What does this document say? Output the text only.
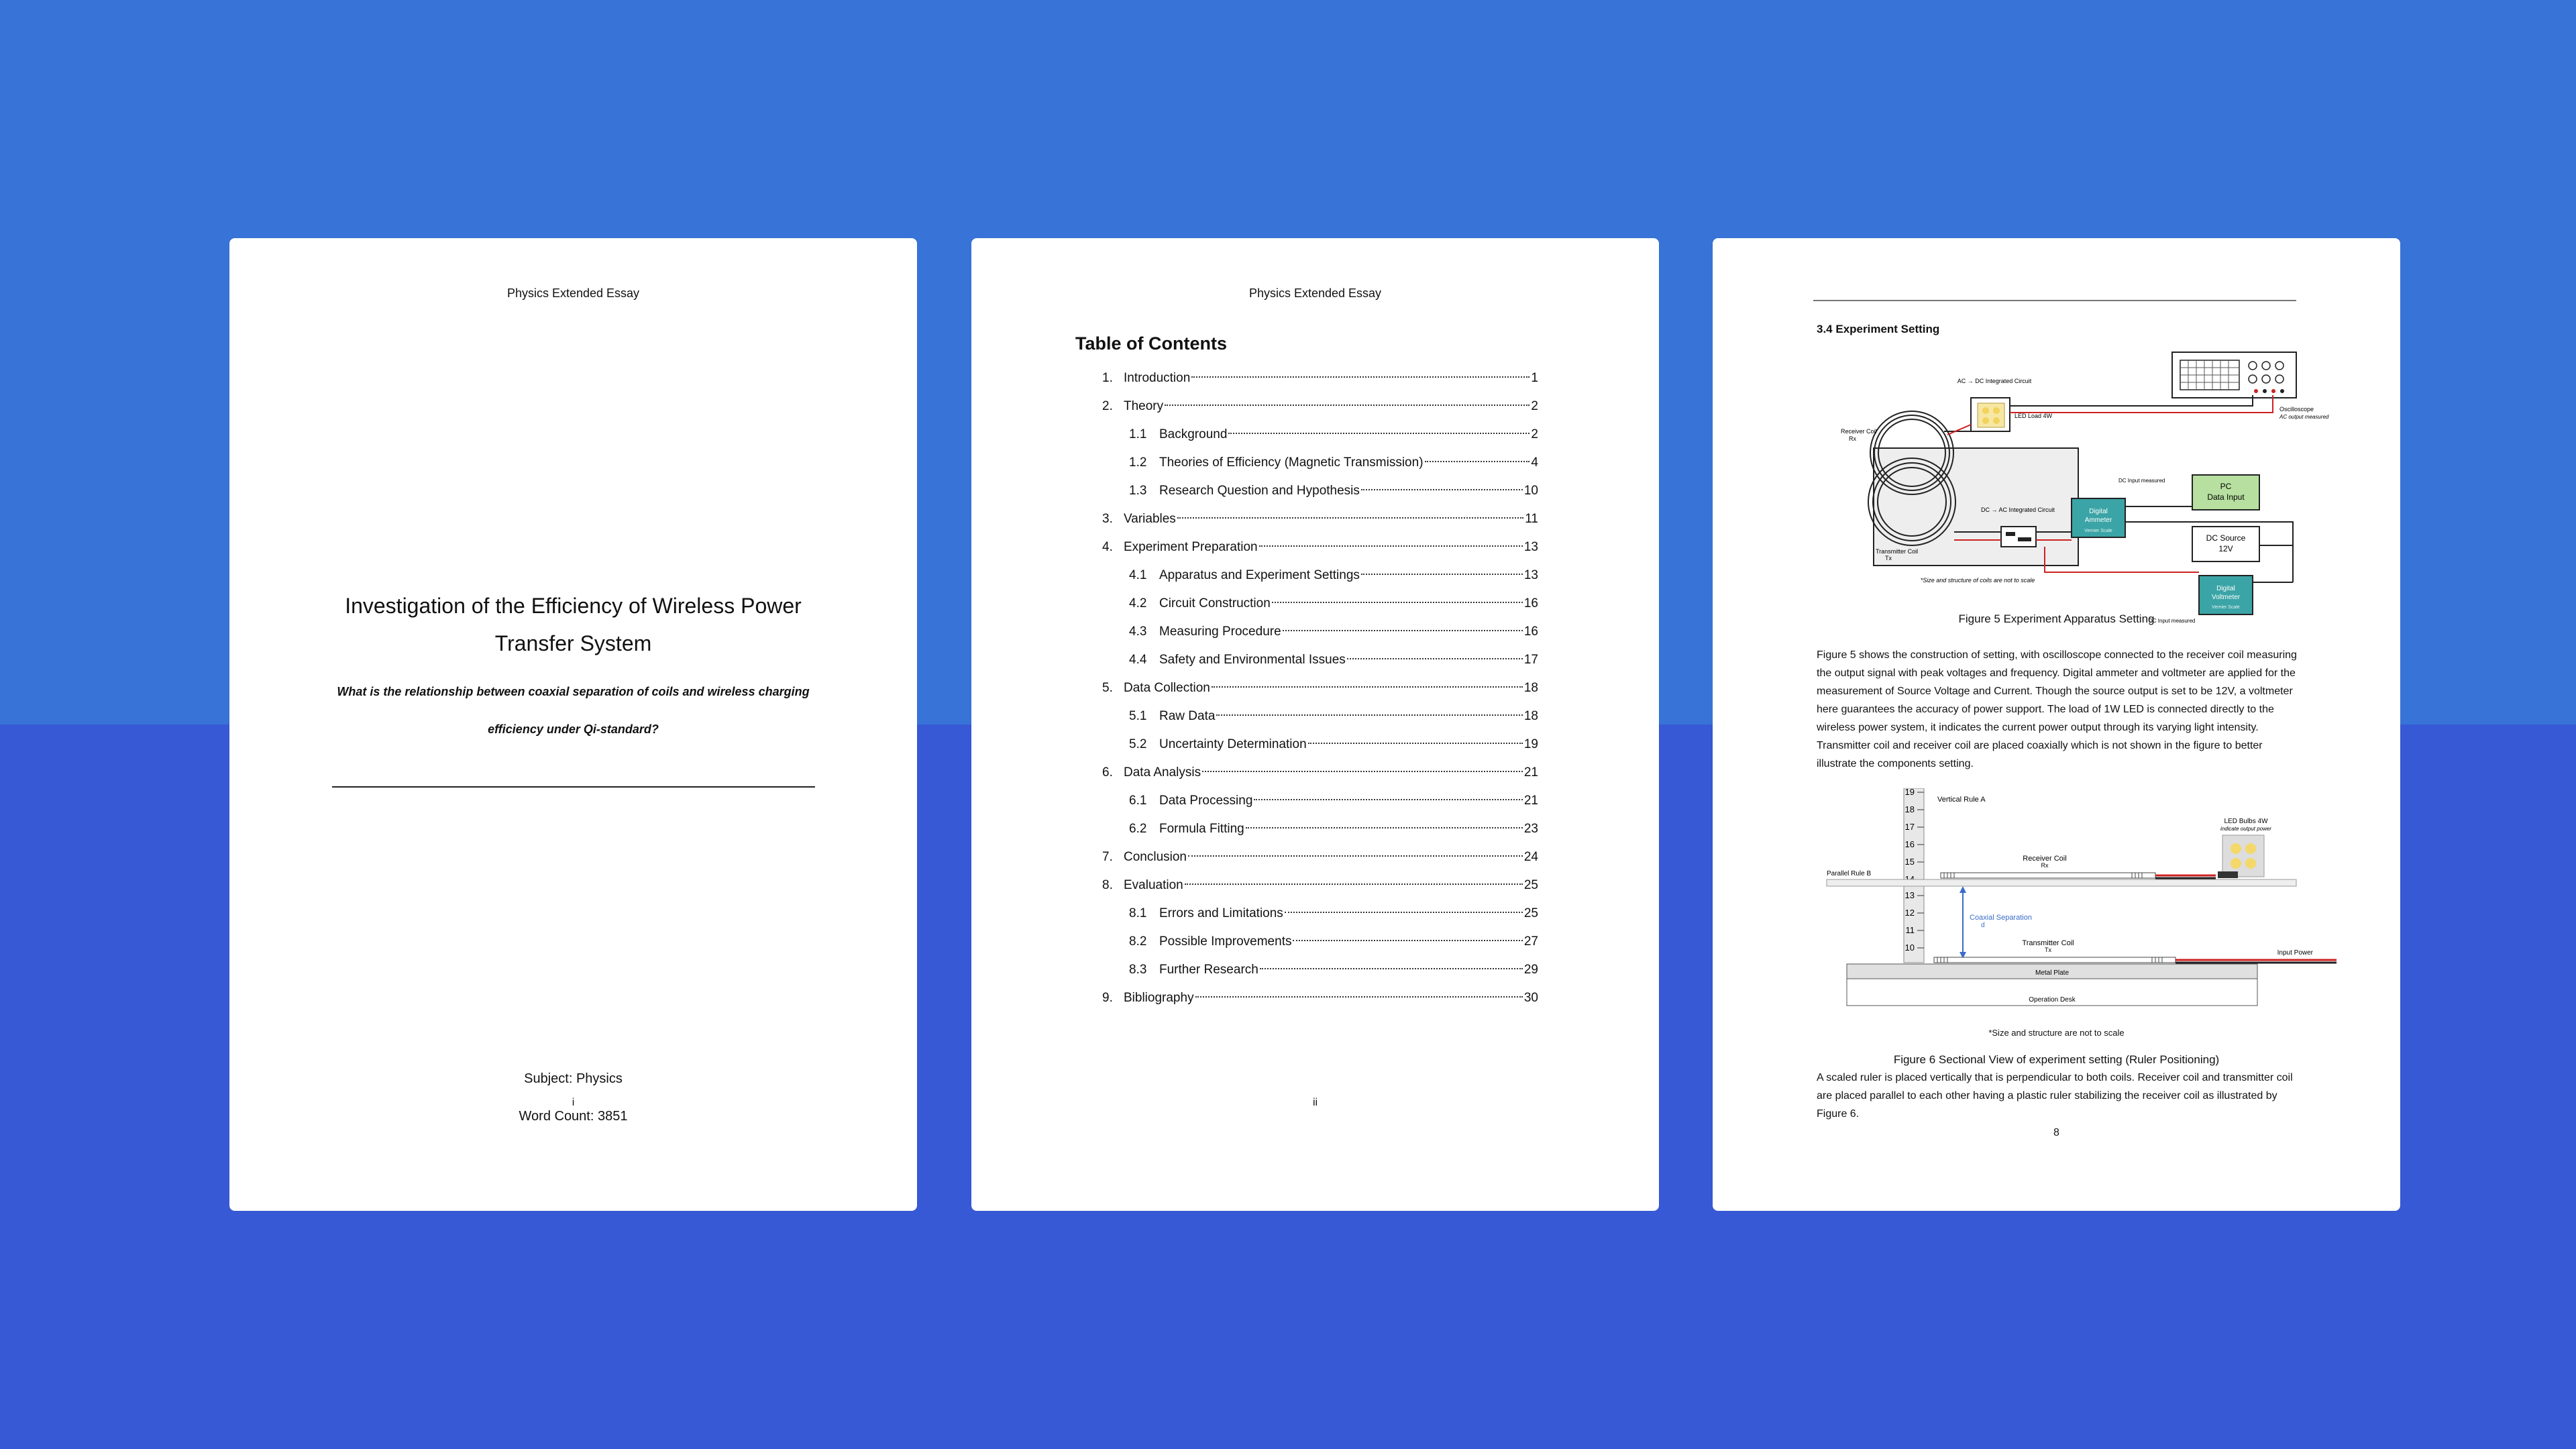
Physics Extended Essay
Investigation of the Efficiency of Wireless Power Transfer System
What is the relationship between coaxial separation of coils and wireless charging efficiency under Qi-standard?
Subject: Physics
Word Count: 3851
i
Physics Extended Essay
Table of Contents
1. Introduction	1
2. Theory	2
1.1 Background	2
1.2 Theories of Efficiency (Magnetic Transmission)	4
1.3 Research Question and Hypothesis	10
3. Variables	11
4. Experiment Preparation	13
4.1 Apparatus and Experiment Settings	13
4.2 Circuit Construction	16
4.3 Measuring Procedure	16
4.4 Safety and Environmental Issues	17
5. Data Collection	18
5.1 Raw Data	18
5.2 Uncertainty Determination	19
6. Data Analysis	21
6.1 Data Processing	21
6.2 Formula Fitting	23
7. Conclusion	24
8. Evaluation	25
8.1 Errors and Limitations	25
8.2 Possible Improvements	27
8.3 Further Research	29
9. Bibliography	30
ii
3.4 Experiment Setting
Oscilloscope
AC output measured
AC → DC Integrated Circuit
LED Load 4W
Receiver Coil
Rx
Transmitter Coil
Tx
DC → AC Integrated Circuit	Digital
Ammeter
Vernier Scale
PC
Data Input
DC Input measured
DC Source
12V
Digital
Voltmeter
Vernier Scale
DC Input measured
*Size and structure of coils are not to scale
Figure 5 Experiment Apparatus Setting
Figure 5 shows the construction of setting, with oscilloscope connected to the receiver coil measuring the output signal with peak voltages and frequency. Digital ammeter and voltmeter are applied for the measurement of Source Voltage and Current. Though the source output is set to be 12V, a voltmeter here guarantees the accuracy of power support. The load of 1W LED is connected directly to the wireless power system, it indicates the current power output through its varying light intensity. Transmitter coil and receiver coil are placed coaxially which is not shown in the figure to better illustrate the components setting.
19
18
17
16
15
13
12
11
10
Vertical Rule A
Parallel Rule B
Receiver Coil
Rx
LED Bulbs 4W
indicate output power
Coaxial Separation
d
Transmitter Coil
Tx	Input Power
Metal Plate
Operation Desk
*Size and structure are not to scale
Figure 6 Sectional View of experiment setting (Ruler Positioning)
A scaled ruler is placed vertically that is perpendicular to both coils. Receiver coil and transmitter coil are placed parallel to each other having a plastic ruler stabilizing the receiver coil as illustrated by Figure 6.
8
